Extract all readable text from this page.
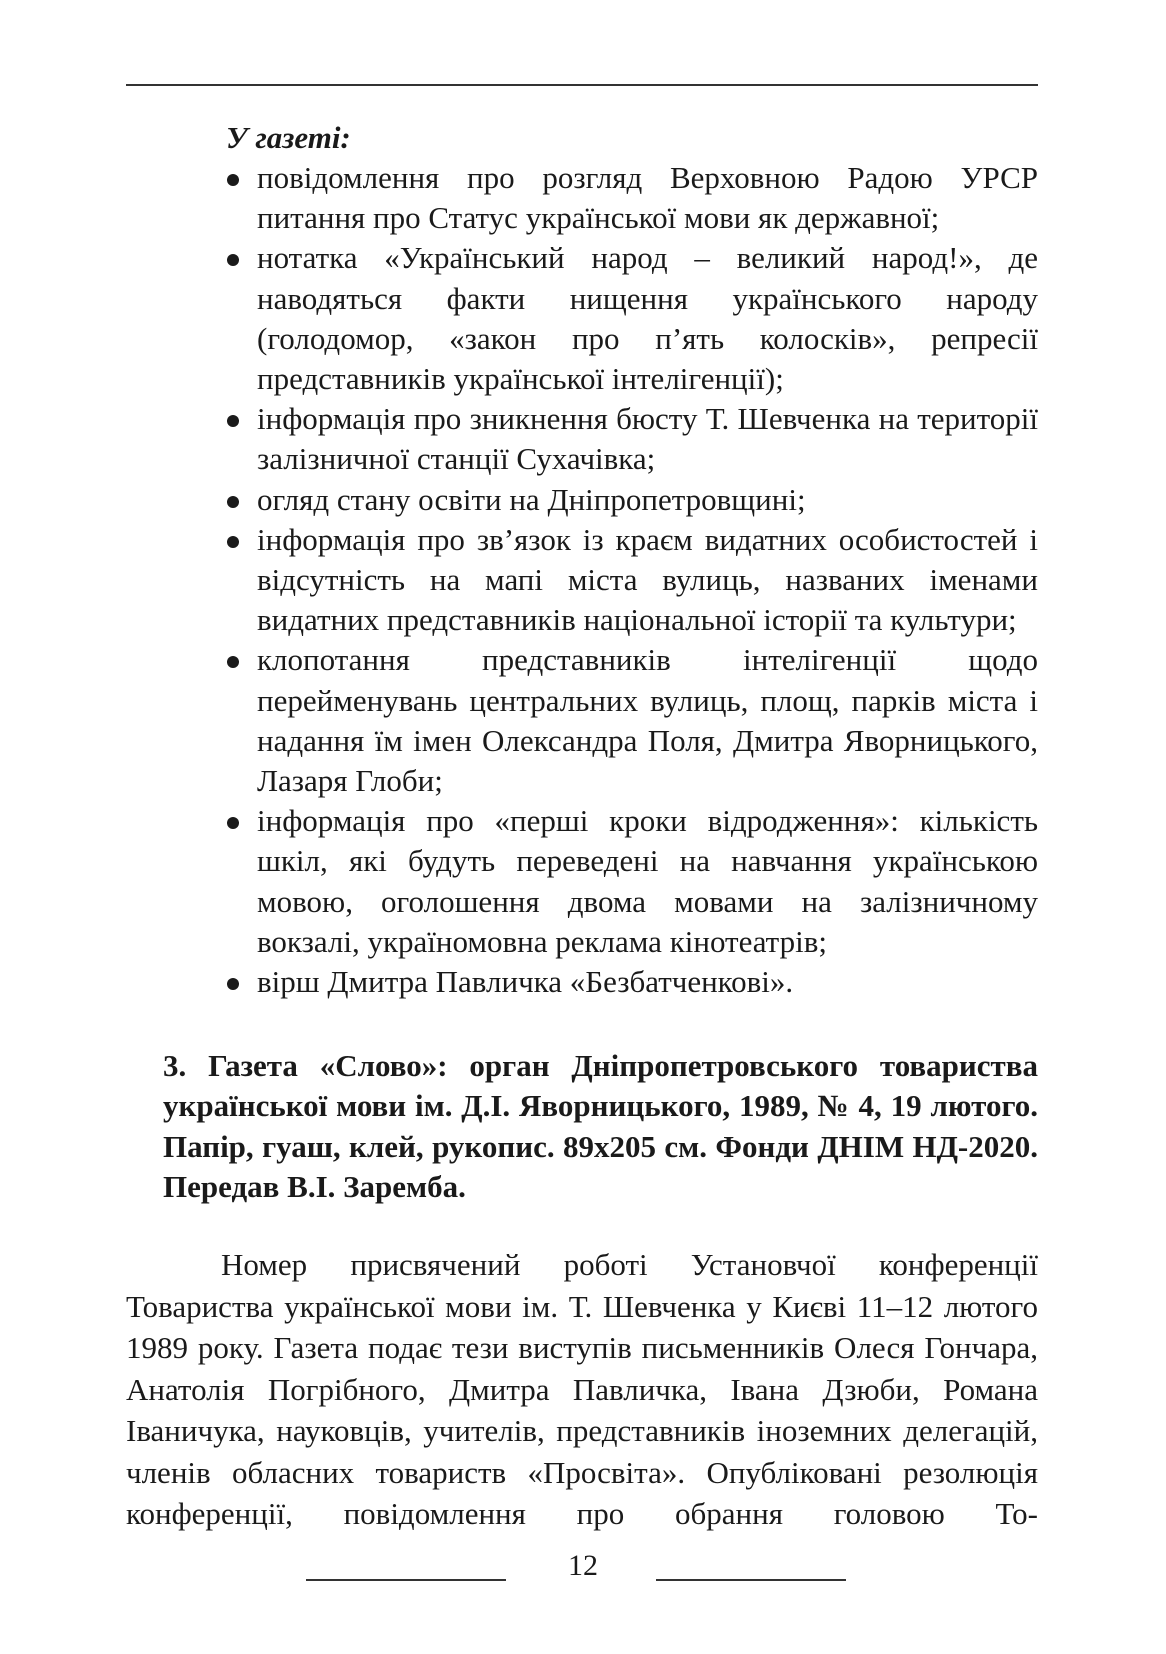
У газеті:
повідомлення про розгляд Верховною Радою УРСР питання про Статус української мови як державної;
нотатка «Український народ – великий народ!», де наводяться факти нищення українського народу (голодомор, «закон про п’ять колосків», репресії представників української інтелігенції);
інформація про зникнення бюсту Т. Шевченка на території залізничної станції Сухачівка;
огляд стану освіти на Дніпропетровщині;
інформація про зв’язок із краєм видатних особистостей і відсутність на мапі міста вулиць, названих іменами видатних представників національної історії та культури;
клопотання представників інтелігенції щодо перейменувань центральних вулиць, площ, парків міста і надання їм імен Олександра Поля, Дмитра Яворницького, Лазаря Глоби;
інформація про «перші кроки відродження»: кількість шкіл, які будуть переведені на навчання українською мовою, оголошення двома мовами на залізничному вокзалі, україномовна реклама кінотеатрів;
вірш Дмитра Павличка «Безбатченкові».

3. Газета «Слово»: орган Дніпропетровського товариства української мови ім. Д.І. Яворницького, 1989, № 4, 19 лютого. Папір, гуаш, клей, рукопис. 89х205 см. Фонди ДНІМ НД-2020. Передав В.І. Заремба.

Номер присвячений роботі Установчої конференції Товариства української мови ім. Т. Шевченка у Києві 11–12 лютого 1989 року. Газета подає тези виступів письменників Олеся Гончара, Анатолія Погрібного, Дмитра Павличка, Івана Дзюби, Романа Іваничука, науковців, учителів, представників іноземних делегацій, членів обласних товариств «Просвіта». Опубліковані резолюція конференції, повідомлення про обрання головою То-

12
